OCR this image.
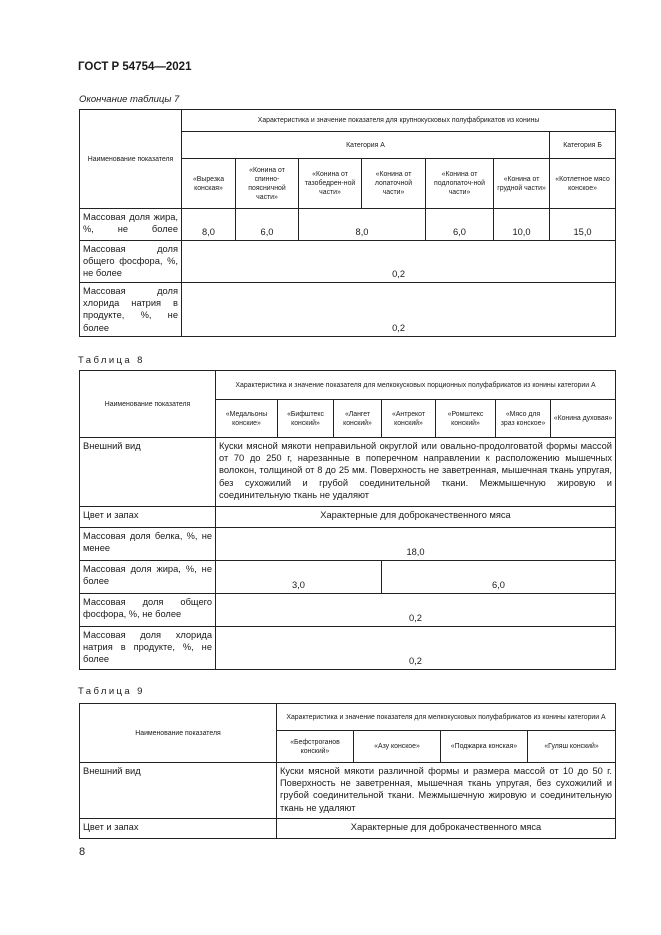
ГОСТ Р 54754—2021
Окончание таблицы 7
Наименование показателя	Характеристика и значение показателя для крупнокусковых полуфабрикатов из конины						
	Категория А						Категория Б
	«Вырезка конская»	«Конина от спинно-поясничной части»	«Конина от тазобедрен-ной части»	«Конина от лопаточной части»	«Конина от подлопаточ-ной части»	«Конина от грудной части»	«Котлетное мясо конское»
Массовая доля жира, %, не более	8,0	6,0	8,0		6,0	10,0	15,0
Массовая доля общего фосфора, %, не более	0,2						
Массовая доля хлорида натрия в продукте, %, не более	0,2						
Таблица 8
Наименование показателя	Характеристика и значение показателя для мелкокусковых порционных полуфабрикатов из конины категории А						
	«Медальоны конские»	«Бифштекс конский»	«Лангет конский»	«Антрекот конский»	«Ромштекс конский»	«Мясо для зраз конское»	«Конина духовая»
Внешний вид	Куски мясной мякоти неправильной округлой или овально-продолговатой формы массой от 70 до 250 г, нарезанные в поперечном направлении к расположению мышечных волокон, толщиной от 8 до 25 мм. Поверхность не заветренная, мышечная ткань упругая, без сухожилий и грубой соединительной ткани. Межмышечную жировую и соединительную ткань не удаляют						
Цвет и запах	Характерные для доброкачественного мяса						
Массовая доля белка, %, не менее	18,0						
Массовая доля жира, %, не более	3,0			6,0			
Массовая доля общего фосфора, %, не более	0,2						
Массовая доля хлорида натрия в продукте, %, не более	0,2						
Таблица 9
Наименование показателя	Характеристика и значение показателя для мелкокусковых полуфабрикатов из конины категории А			
	«Бефстроганов конский»	«Азу конское»	«Поджарка конская»	«Гуляш конский»
Внешний вид	Куски мясной мякоти различной формы и размера массой от 10 до 50 г. Поверхность не заветренная, мышечная ткань упругая, без сухожилий и грубой соединительной ткани. Межмышечную жировую и соединительную ткань не удаляют			
Цвет и запах	Характерные для доброкачественного мяса			
8
